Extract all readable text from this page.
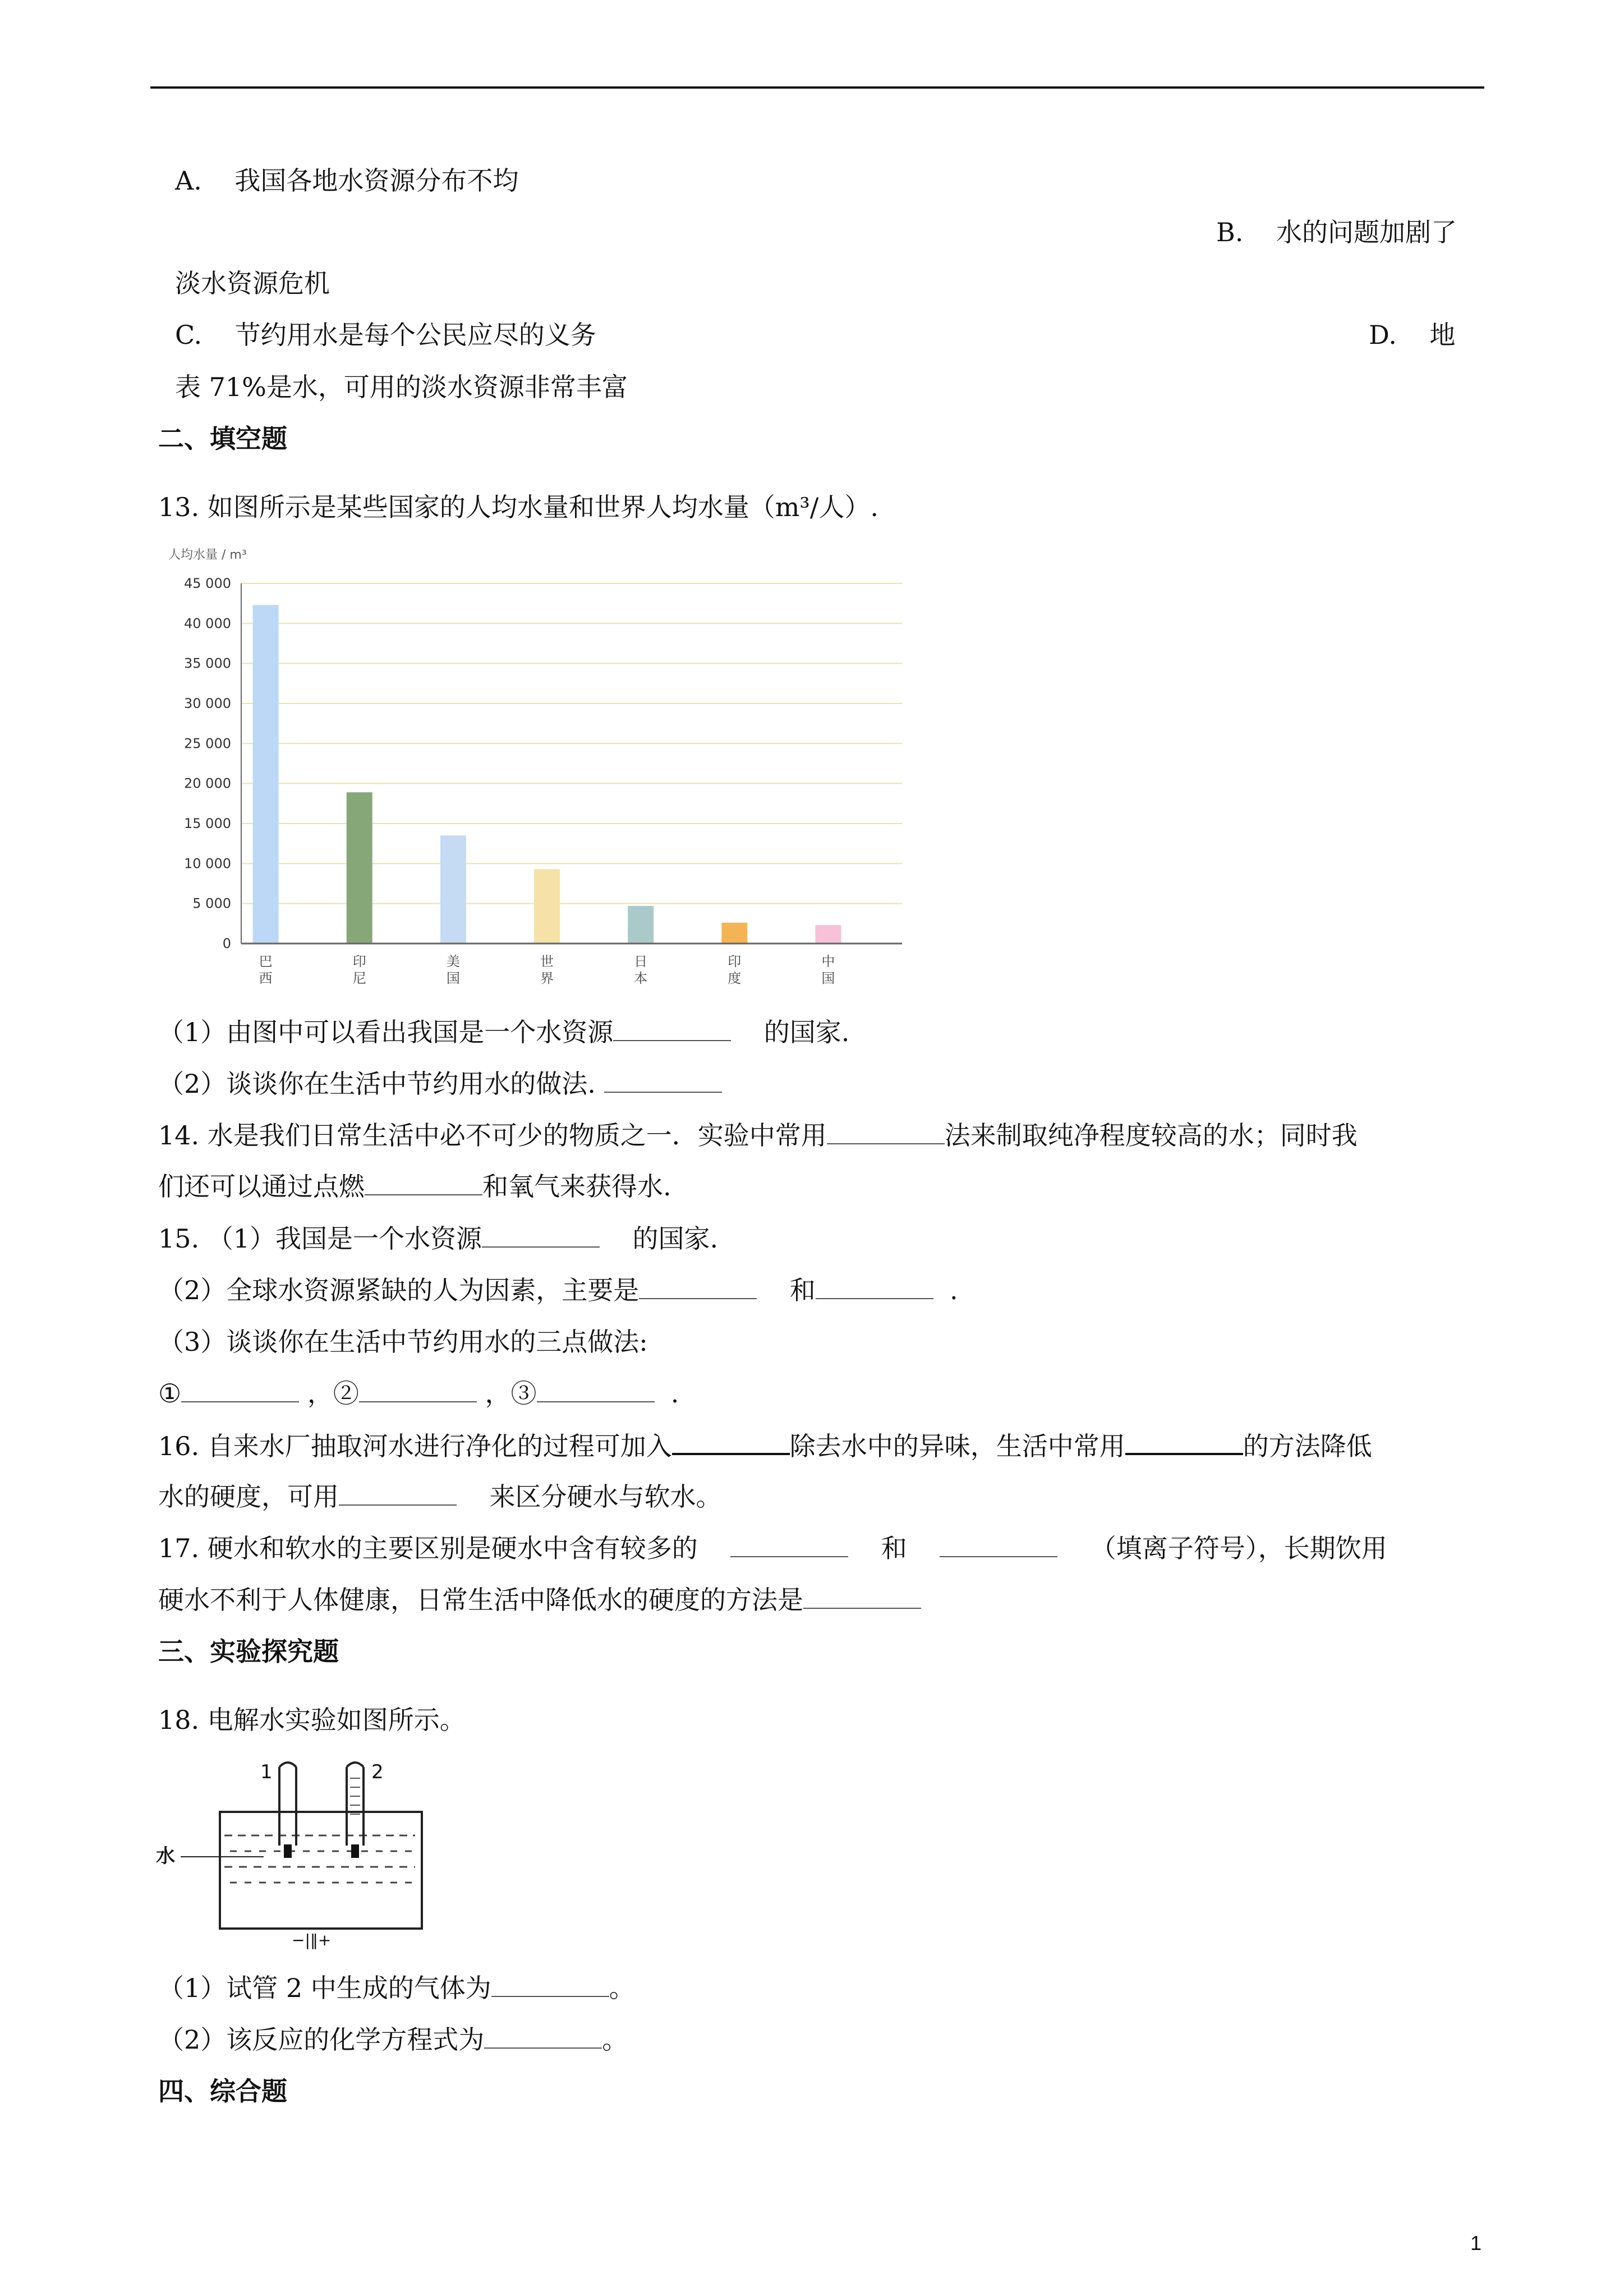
A. 我国各地水资源分布不均
B. 水的问题加剧了
淡水资源危机
C. 节约用水是每个公民应尽的义务	D. 地
表 71%是水，可用的淡水资源非常丰富
二、填空题
13. 如图所示是某些国家的人均水量和世界人均水量（m³/人）.
0
5 000
10 000
15 000
20 000
25 000
30 000
35 000
40 000
45 000
巴西
印尼
美国
世界
日本
印度
中国
人均水量 / m³
（1）由图中可以看出我国是一个水资源	的国家.
（2）谈谈你在生活中节约用水的做法.
14. 水是我们日常生活中必不可少的物质之一．实验中常用	法来制取纯净程度较高的水；同时我
们还可以通过点燃	和氧气来获得水.
15. （1）我国是一个水资源	的国家.
（2）全球水资源紧缺的人为因素，主要是	和	.
（3）谈谈你在生活中节约用水的三点做法:
①	，②	，③	.
16. 自来水厂抽取河水进行净化的过程可加入	除去水中的异味，生活中常用	的方法降低
水的硬度，可用	来区分硬水与软水。
17. 硬水和软水的主要区别是硬水中含有较多的	和	（填离子符号），长期饮用
硬水不利于人体健康，日常生活中降低水的硬度的方法是
三、实验探究题
18. 电解水实验如图所示。
1	2
水
−|‖+
（1）试管 2 中生成的气体为	。
（2）该反应的化学方程式为	。
四、综合题
1
